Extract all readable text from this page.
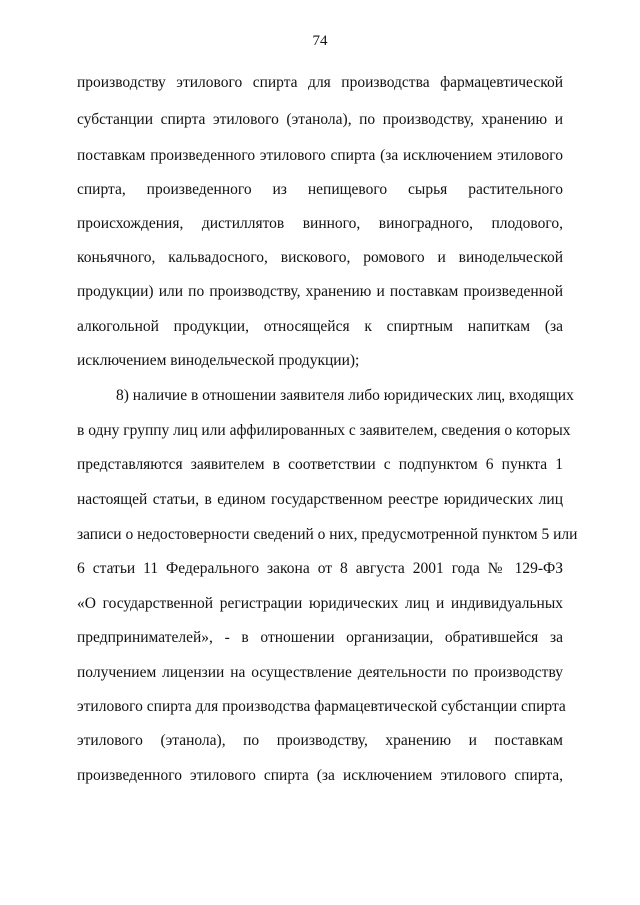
74
производству этилового спирта для производства фармацевтической
субстанции спирта этилового (этанола), по производству, хранению и
поставкам произведенного этилового спирта (за исключением этилового
спирта, произведенного из непищевого сырья растительного
происхождения, дистиллятов винного, виноградного, плодового,
коньячного, кальвадосного, вискового, ромового и винодельческой
продукции) или по производству, хранению и поставкам произведенной
алкогольной продукции, относящейся к спиртным напиткам (за
исключением винодельческой продукции);
8) наличие в отношении заявителя либо юридических лиц, входящих
в одну группу лиц или аффилированных с заявителем, сведения о которых
представляются заявителем в соответствии с подпунктом 6 пункта 1
настоящей статьи, в едином государственном реестре юридических лиц
записи о недостоверности сведений о них, предусмотренной пунктом 5 или
6 статьи 11 Федерального закона от 8 августа 2001 года № 129-ФЗ
«О государственной регистрации юридических лиц и индивидуальных
предпринимателей», - в отношении организации, обратившейся за
получением лицензии на осуществление деятельности по производству
этилового спирта для производства фармацевтической субстанции спирта
этилового (этанола), по производству, хранению и поставкам
произведенного этилового спирта (за исключением этилового спирта,
